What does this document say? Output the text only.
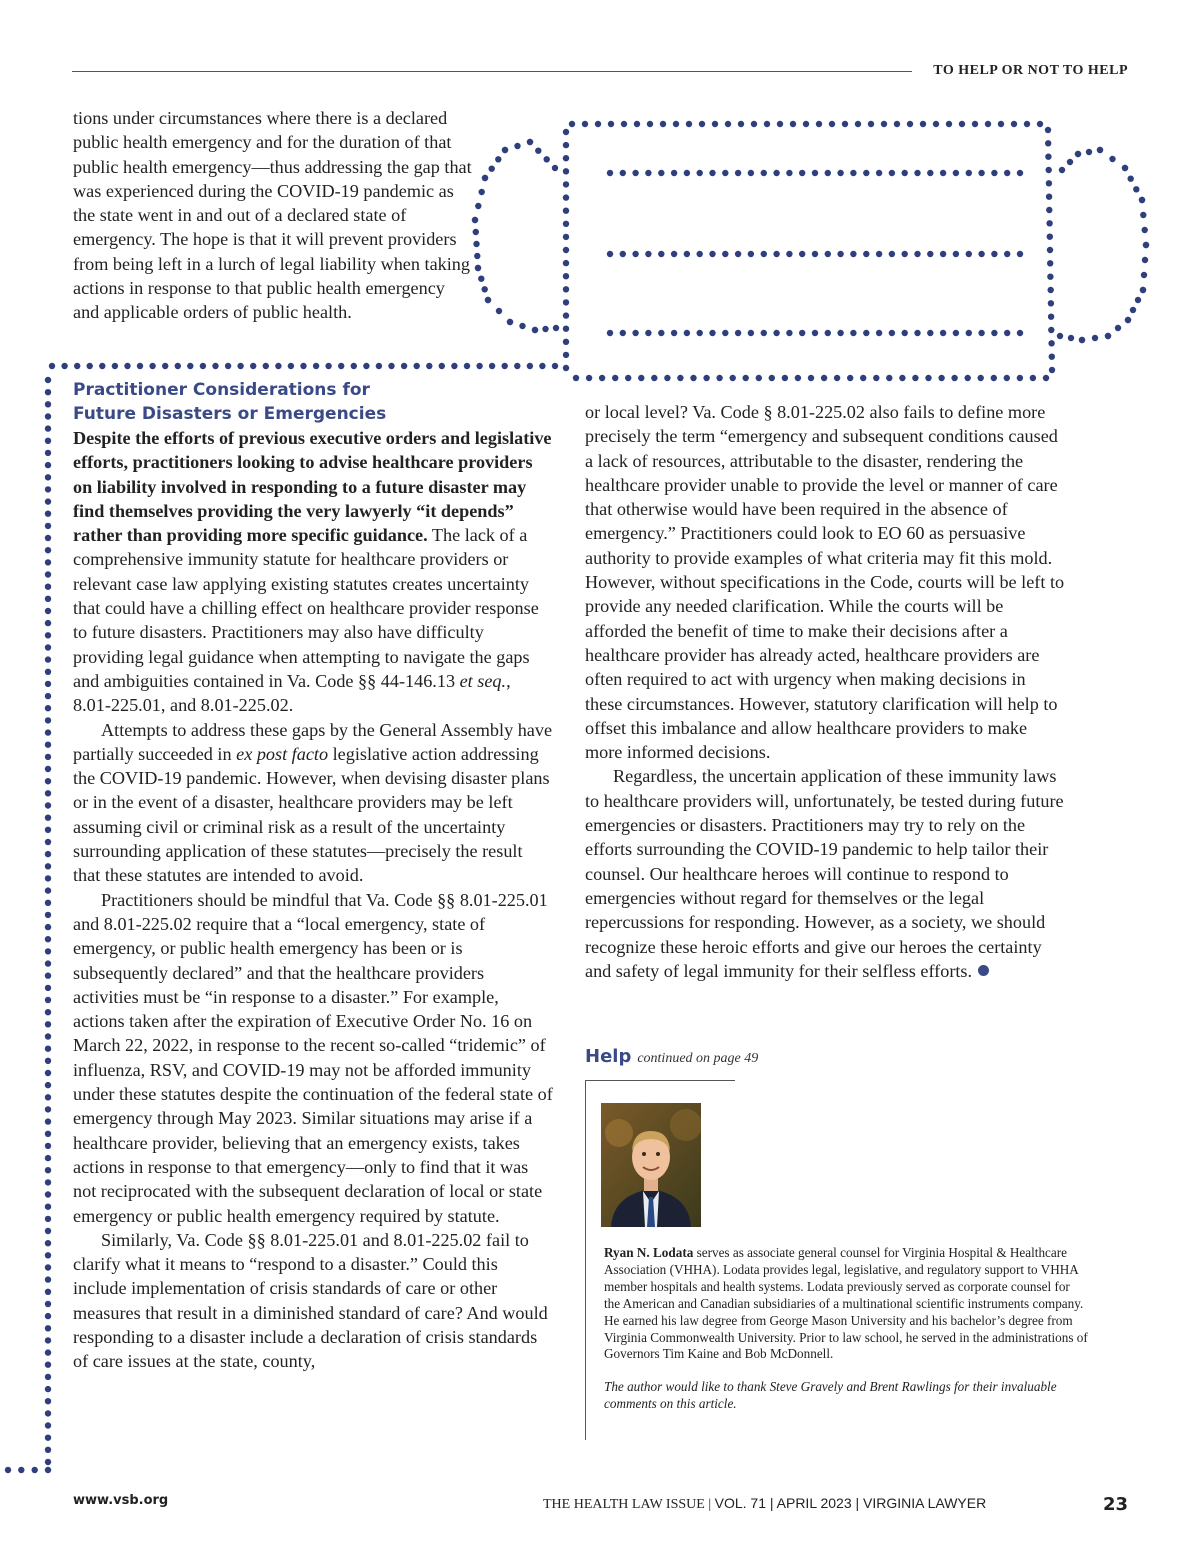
TO HELP OR NOT TO HELP

tions under circumstances where there is a declared public health emergency and for the duration of that public health emergency—thus addressing the gap that was experienced during the COVID-19 pandemic as the state went in and out of a declared state of emergency. The hope is that it will prevent providers from being left in a lurch of legal liability when taking actions in response to that public health emergency and applicable orders of public health.

Practitioner Considerations for
Future Disasters or Emergencies

Despite the efforts of previous executive orders and legislative efforts, practitioners looking to advise healthcare providers on liability involved in responding to a future disaster may find themselves providing the very lawyerly “it depends” rather than providing more specific guidance. The lack of a comprehensive immunity statute for healthcare providers or relevant case law applying existing statutes creates uncertainty that could have a chilling effect on healthcare provider response to future disasters. Practitioners may also have difficulty providing legal guidance when attempting to navigate the gaps and ambiguities contained in Va. Code §§ 44-146.13 et seq., 8.01-225.01, and 8.01-225.02.

Attempts to address these gaps by the General Assembly have partially succeeded in ex post facto legislative action addressing the COVID-19 pandemic. However, when devising disaster plans or in the event of a disaster, healthcare providers may be left assuming civil or criminal risk as a result of the uncertainty surrounding application of these statutes—precisely the result that these statutes are intended to avoid.

Practitioners should be mindful that Va. Code §§ 8.01-225.01 and 8.01-225.02 require that a “local emergency, state of emergency, or public health emergency has been or is subsequently declared” and that the healthcare providers activities must be “in response to a disaster.” For example, actions taken after the expiration of Executive Order No. 16 on March 22, 2022, in response to the recent so-called “tridemic” of influenza, RSV, and COVID-19 may not be afforded immunity under these statutes despite the continuation of the federal state of emergency through May 2023. Similar situations may arise if a healthcare provider, believing that an emergency exists, takes actions in response to that emergency—only to find that it was not reciprocated with the subsequent declaration of local or state emergency or public health emergency required by statute.

Similarly, Va. Code §§ 8.01-225.01 and 8.01-225.02 fail to clarify what it means to “respond to a disaster.” Could this include implementation of crisis standards of care or other measures that result in a diminished standard of care? And would responding to a disaster include a declaration of crisis standards of care issues at the state, county,

or local level? Va. Code § 8.01-225.02 also fails to define more precisely the term “emergency and subsequent conditions caused a lack of resources, attributable to the disaster, rendering the healthcare provider unable to provide the level or manner of care that otherwise would have been required in the absence of emergency.” Practitioners could look to EO 60 as persuasive authority to provide examples of what criteria may fit this mold. However, without specifications in the Code, courts will be left to provide any needed clarification. While the courts will be afforded the benefit of time to make their decisions after a healthcare provider has already acted, healthcare providers are often required to act with urgency when making decisions in these circumstances. However, statutory clarification will help to offset this imbalance and allow healthcare providers to make more informed decisions.

Regardless, the uncertain application of these immunity laws to healthcare providers will, unfortunately, be tested during future emergencies or disasters. Practitioners may try to rely on the efforts surrounding the COVID-19 pandemic to help tailor their counsel. Our healthcare heroes will continue to respond to emergencies without regard for themselves or the legal repercussions for responding. However, as a society, we should recognize these heroic efforts and give our heroes the certainty and safety of legal immunity for their selfless efforts.

Help continued on page 49

Ryan N. Lodata serves as associate general counsel for Virginia Hospital & Healthcare Association (VHHA). Lodata provides legal, legislative, and regulatory support to VHHA member hospitals and health systems. Lodata previously served as corporate counsel for the American and Canadian subsidiaries of a multinational scientific instruments company. He earned his law degree from George Mason University and his bachelor’s degree from Virginia Commonwealth University. Prior to law school, he served in the administrations of Governors Tim Kaine and Bob McDonnell.

The author would like to thank Steve Gravely and Brent Rawlings for their invaluable comments on this article.

www.vsb.org	THE HEALTH LAW ISSUE | VOL. 71 | APRIL 2023 | VIRGINIA LAWYER	23
